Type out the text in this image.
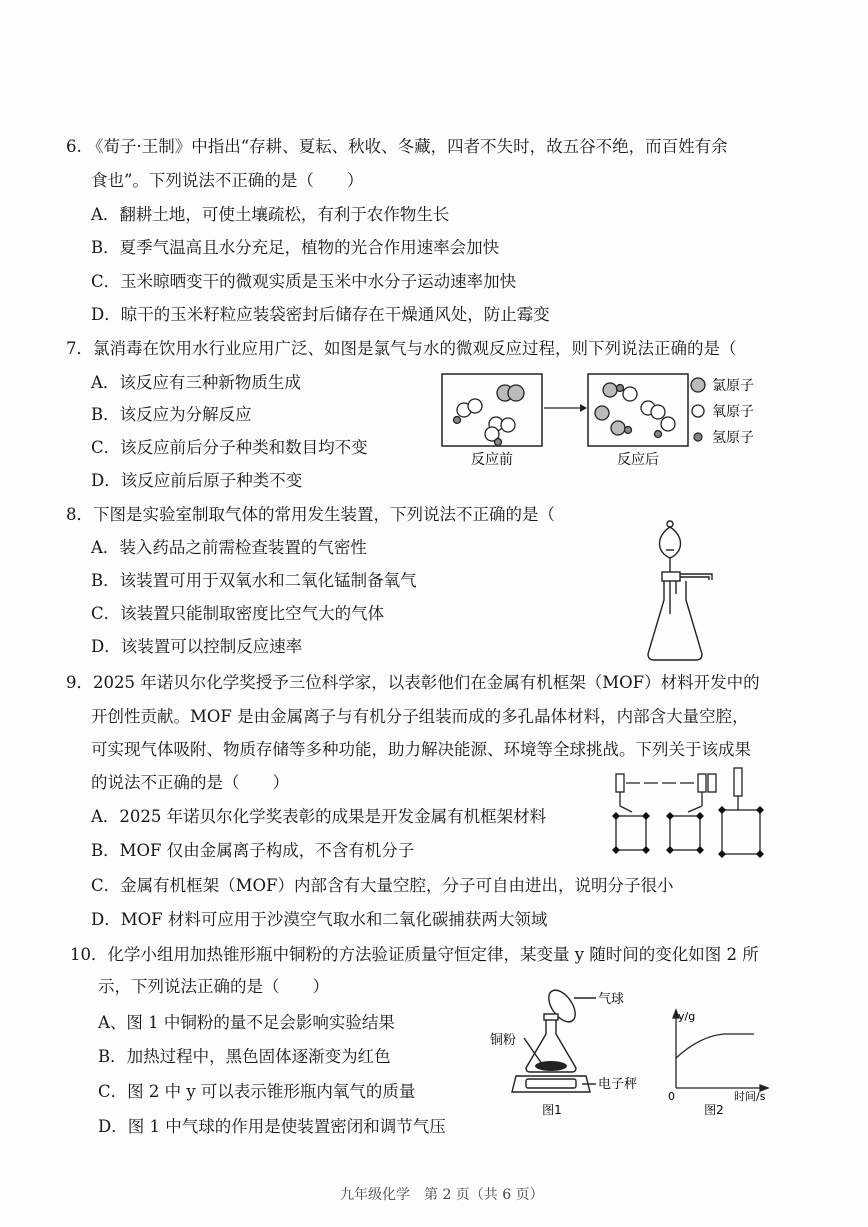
6. 《荀子·王制》中指出“存耕、夏耘、秋收、冬藏，四者不失时，故五谷不绝，而百姓有余
食也”。下列说法不正确的是（　　）
A．翻耕土地，可使土壤疏松，有利于农作物生长
B．夏季气温高且水分充足，植物的光合作用速率会加快
C．玉米晾晒变干的微观实质是玉米中水分子运动速率加快
D．晾干的玉米籽粒应装袋密封后储存在干燥通风处，防止霉变
7．氯消毒在饮用水行业应用广泛、如图是氯气与水的微观反应过程，则下列说法正确的是（
A．该反应有三种新物质生成
B．该反应为分解反应
C．该反应前后分子种类和数目均不变
D．该反应前后原子种类不变
反应前	反应后
氯原子
氧原子
氢原子
8．下图是实验室制取气体的常用发生装置，下列说法不正确的是（
A．装入药品之前需检查装置的气密性
B．该装置可用于双氧水和二氧化锰制备氧气
C．该装置只能制取密度比空气大的气体
D．该装置可以控制反应速率
9．2025 年诺贝尔化学奖授予三位科学家，以表彰他们在金属有机框架（MOF）材料开发中的
开创性贡献。MOF 是由金属离子与有机分子组装而成的多孔晶体材料，内部含大量空腔，
可实现气体吸附、物质存储等多种功能，助力解决能源、环境等全球挑战。下列关于该成果
的说法不正确的是（　　）
A．2025 年诺贝尔化学奖表彰的成果是开发金属有机框架材料
B．MOF 仅由金属离子构成，不含有机分子
C．金属有机框架（MOF）内部含有大量空腔，分子可自由进出，说明分子很小
D．MOF 材料可应用于沙漠空气取水和二氧化碳捕获两大领域
10．化学小组用加热锥形瓶中铜粉的方法验证质量守恒定律，某变量 y 随时间的变化如图 2 所
示，下列说法正确的是（　　）
A、图 1 中铜粉的量不足会影响实验结果
B．加热过程中，黑色固体逐渐变为红色
C．图 2 中 y 可以表示锥形瓶内氧气的质量
D．图 1 中气球的作用是使装置密闭和调节气压
气球
铜粉
电子秤
图1
y/g
0	时间/s
图2
九年级化学　第 2 页（共 6 页）
